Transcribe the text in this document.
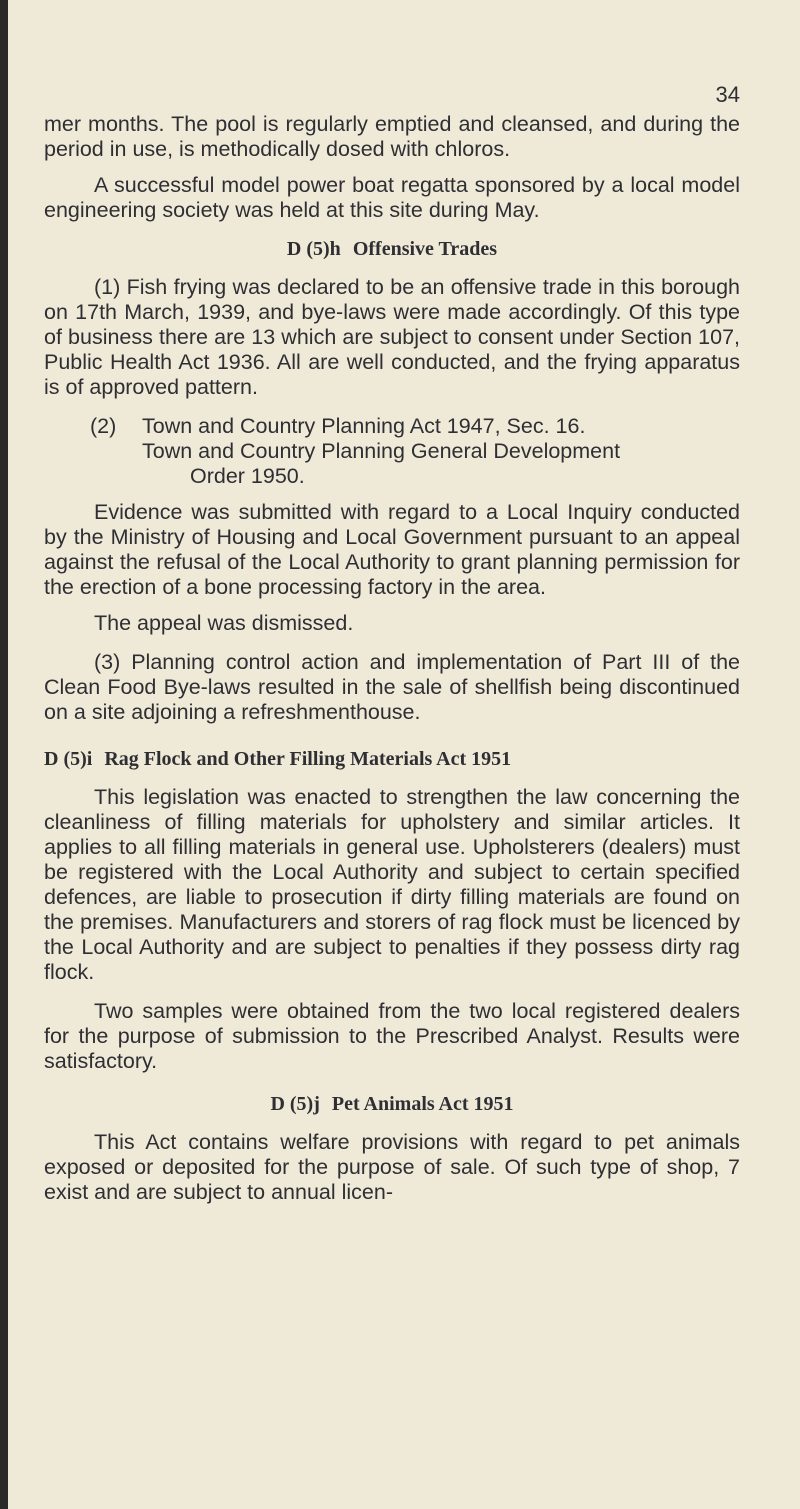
34

mer months. The pool is regularly emptied and cleansed, and during the period in use, is methodically dosed with chloros.

A successful model power boat regatta sponsored by a local model engineering society was held at this site during May.

D (5)h Offensive Trades

(1) Fish frying was declared to be an offensive trade in this borough on 17th March, 1939, and bye-laws were made accordingly. Of this type of business there are 13 which are subject to consent under Section 107, Public Health Act 1936. All are well conducted, and the frying apparatus is of approved pattern.

(2) Town and Country Planning Act 1947, Sec. 16.
Town and Country Planning General Development
Order 1950.

Evidence was submitted with regard to a Local Inquiry conducted by the Ministry of Housing and Local Government pursuant to an appeal against the refusal of the Local Authority to grant planning permission for the erection of a bone processing factory in the area.

The appeal was dismissed.

(3) Planning control action and implementation of Part III of the Clean Food Bye-laws resulted in the sale of shellfish being discontinued on a site adjoining a refreshmenthouse.

D (5)i Rag Flock and Other Filling Materials Act 1951

This legislation was enacted to strengthen the law concerning the cleanliness of filling materials for upholstery and similar articles. It applies to all filling materials in general use. Upholsterers (dealers) must be registered with the Local Authority and subject to certain specified defences, are liable to prosecution if dirty filling materials are found on the premises. Manufacturers and storers of rag flock must be licenced by the Local Authority and are subject to penalties if they possess dirty rag flock.

Two samples were obtained from the two local registered dealers for the purpose of submission to the Prescribed Analyst. Results were satisfactory.

D (5)j Pet Animals Act 1951

This Act contains welfare provisions with regard to pet animals exposed or deposited for the purpose of sale. Of such type of shop, 7 exist and are subject to annual licen-
